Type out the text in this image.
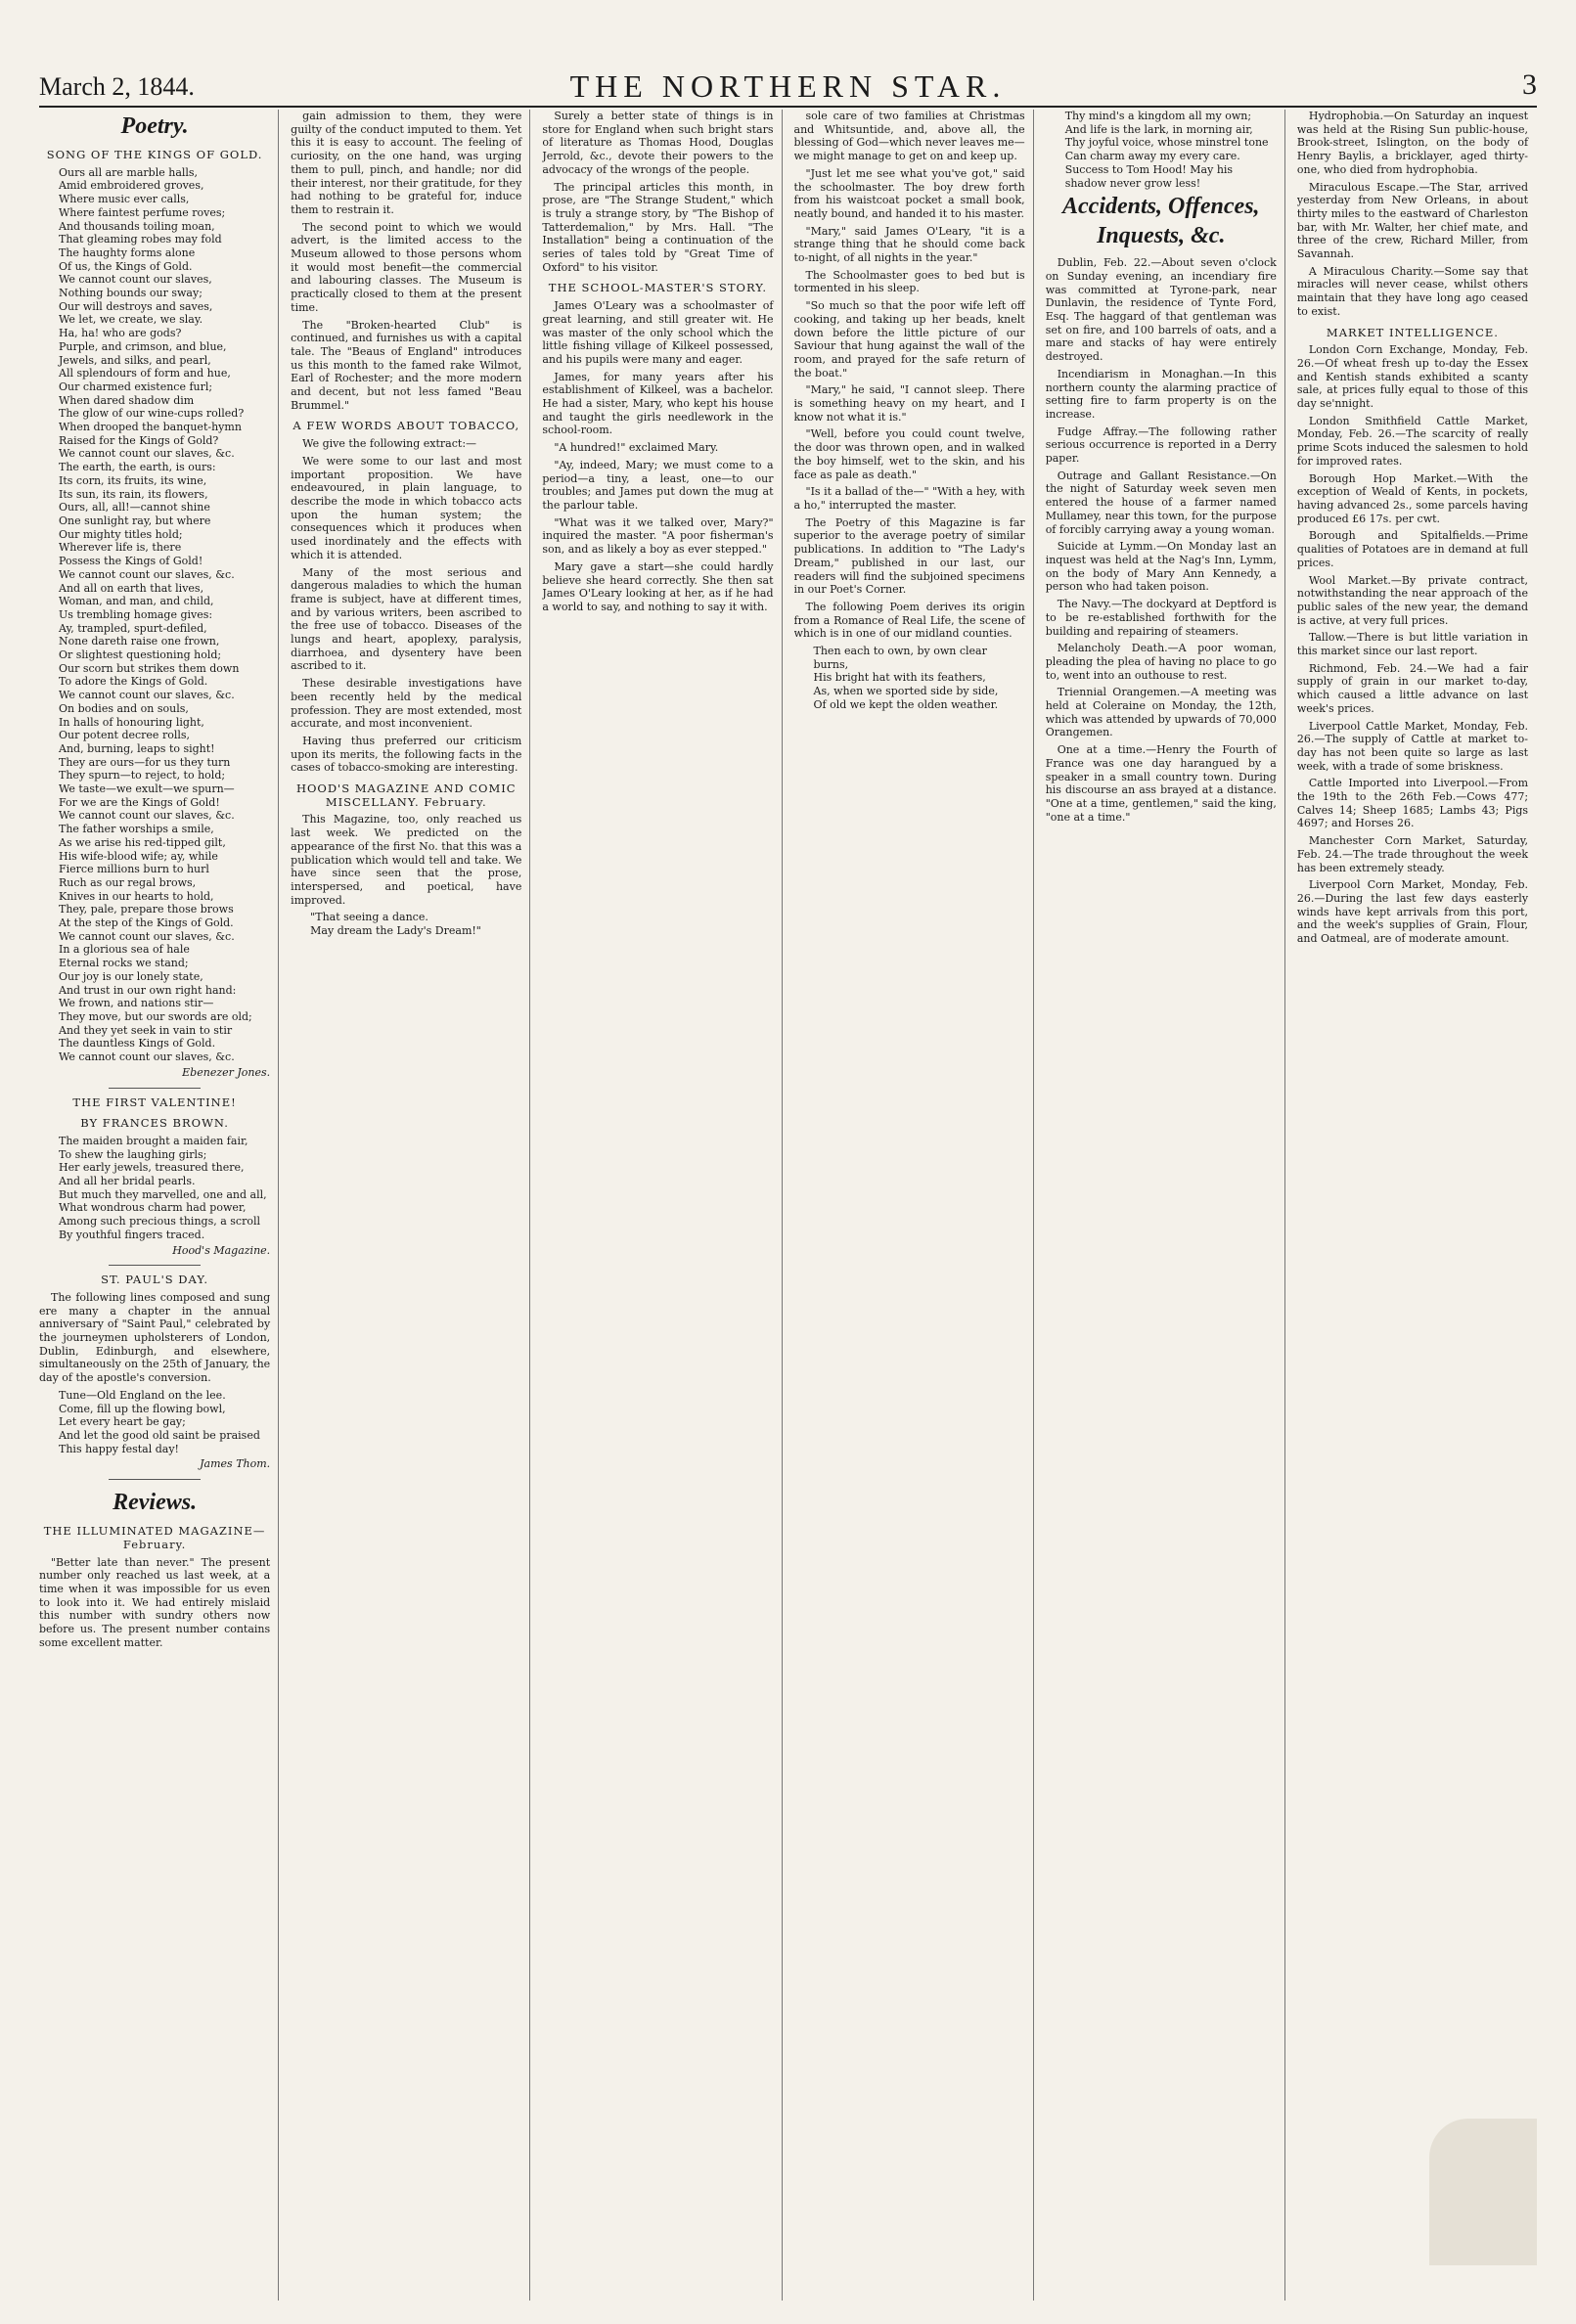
March 2, 1844.	THE NORTHERN STAR.	3
Poetry.
SONG OF THE KINGS OF GOLD.
Ours all are marble halls,
Amid embroidered groves,
Where music ever calls,
Where faintest perfume roves;
And thousands toiling moan,
That gleaming robes may fold
The haughty forms alone
Of us, the Kings of Gold.
We cannot count our slaves,
Nothing bounds our sway;
Our will destroys and saves,
We let, we create, we slay.
Ha, ha! who are gods?
Purple, and crimson, and blue,
Jewels, and silks, and pearl,
All splendours of form and hue,
Our charmed existence furl;
When dared shadow dim
The glow of our wine-cups rolled?
When drooped the banquet-hymn
Raised for the Kings of Gold?
We cannot count our slaves, &c.
The earth, the earth, is ours:
Its corn, its fruits, its wine,
Its sun, its rain, its flowers,
Ours, all, all!—cannot shine
One sunlight ray, but where
Our mighty titles hold;
Wherever life is, there
Possess the Kings of Gold!
We cannot count our slaves, &c.
And all on earth that lives,
Woman, and man, and child,
Us trembling homage gives:
Ay, trampled, spurt-defiled,
None dareth raise one frown,
Or slightest questioning hold;
Our scorn but strikes them down
To adore the Kings of Gold.
We cannot count our slaves, &c.
On bodies and on souls,
In halls of honouring light,
Our potent decree rolls,
And, burning, leaps to sight!
They are ours—for us they turn
They spurn—to reject, to hold;
We taste—we exult—we spurn—
For we are the Kings of Gold!
We cannot count our slaves, &c.
The father worships a smile,
As we arise his red-tipped gilt,
His wife-blood wife; ay, while
Fierce millions burn to hurl
Ruch as our regal brows,
Knives in our hearts to hold,
They, pale, prepare those brows
At the step of the Kings of Gold.
We cannot count our slaves, &c.
In a glorious sea of hale
Eternal rocks we stand;
Our joy is our lonely state,
And trust in our own right hand:
We frown, and nations stir—
They move, but our swords are old;
And they yet seek in vain to stir
The dauntless Kings of Gold.
We cannot count our slaves, &c.
Ebenezer Jones.
THE FIRST VALENTINE!
BY FRANCES BROWN.
The maiden brought a maiden fair,
To shew the laughing girls;
Her early jewels, treasured there,
And all her bridal pearls.
But much they marvelled, one and all,
What wondrous charm had power,
Among such precious things, a scroll
By youthful fingers traced.
Hood's Magazine.
ST. PAUL'S DAY.
The following lines composed and sung ere many a chapter in the annual anniversary of "Saint Paul," celebrated by the journeymen upholsterers of London, Dublin, Edinburgh, and elsewhere, simultaneously on the 25th of January, the day of the apostle's conversion.
Tune—Old England on the lee.
Come, fill up the flowing bowl,
Let every heart be gay;
And let the good old saint be praised
This happy festal day!
James Thom.
Reviews.
THE ILLUMINATED MAGAZINE—February.
"Better late than never." The present number only reached us last week, at a time when it was impossible for us even to look into it. We had entirely mislaid this number with sundry others now before us. The present number contains some excellent matter.
gain admission to them, they were guilty of the conduct imputed to them. Yet this it is easy to account. The feeling of curiosity, on the one hand, was urging them to pull, pinch, and handle; nor did their interest, nor their gratitude, for they had nothing to be grateful for, induce them to restrain it.
The second point to which we would advert, is the limited access to the Museum allowed to those persons whom it would most benefit—the commercial and labouring classes. The Museum is practically closed to them at the present time.
The "Broken-hearted Club" is continued, and furnishes us with a capital tale. The "Beaus of England" introduces us this month to the famed rake Wilmot, Earl of Rochester; and the more modern and decent, but not less famed "Beau Brummel."
A FEW WORDS ABOUT TOBACCO,
We give the following extract:—
We were some to our last and most important proposition. We have endeavoured, in plain language, to describe the mode in which tobacco acts upon the human system; the consequences which it produces when used inordinately and the effects with which it is attended.
Many of the most serious and dangerous maladies to which the human frame is subject, have at different times, and by various writers, been ascribed to the free use of tobacco. Diseases of the lungs and heart, apoplexy, paralysis, diarrhoea, and dysentery have been ascribed to it.
These desirable investigations have been recently held by the medical profession. They are most extended, most accurate, and most inconvenient.
Having thus preferred our criticism upon its merits, the following facts in the cases of tobacco-smoking are interesting.
HOOD'S MAGAZINE AND COMIC MISCELLANY. February.
This Magazine, too, only reached us last week. We predicted on the appearance of the first No. that this was a publication which would tell and take. We have since seen that the prose, interspersed, and poetical, have improved.
"That seeing a dance.
May dream the Lady's Dream!"
Surely a better state of things is in store for England when such bright stars of literature as Thomas Hood, Douglas Jerrold, &c., devote their powers to the advocacy of the wrongs of the people.
The principal articles this month, in prose, are "The Strange Student," which is truly a strange story, by "The Bishop of Tatterdemalion," by Mrs. Hall. "The Installation" being a continuation of the series of tales told by "Great Time of Oxford" to his visitor.
THE SCHOOL-MASTER'S STORY.
James O'Leary was a schoolmaster of great learning, and still greater wit. He was master of the only school which the little fishing village of Kilkeel possessed, and his pupils were many and eager.
James, for many years after his establishment of Kilkeel, was a bachelor. He had a sister, Mary, who kept his house and taught the girls needlework in the school-room.
"A hundred!" exclaimed Mary.
"Ay, indeed, Mary; we must come to a period—a tiny, a least, one—to our troubles; and James put down the mug at the parlour table.
"What was it we talked over, Mary?" inquired the master. "A poor fisherman's son, and as likely a boy as ever stepped."
Mary gave a start—she could hardly believe she heard correctly. She then sat James O'Leary looking at her, as if he had a world to say, and nothing to say it with.
sole care of two families at Christmas and Whitsuntide, and, above all, the blessing of God—which never leaves me—we might manage to get on and keep up.
"Just let me see what you've got," said the schoolmaster. The boy drew forth from his waistcoat pocket a small book, neatly bound, and handed it to his master.
"Mary," said James O'Leary, "it is a strange thing that he should come back to-night, of all nights in the year."
The Schoolmaster goes to bed but is tormented in his sleep.
"So much so that the poor wife left off cooking, and taking up her beads, knelt down before the little picture of our Saviour that hung against the wall of the room, and prayed for the safe return of the boat."
"Mary," he said, "I cannot sleep. There is something heavy on my heart, and I know not what it is."
"Well, before you could count twelve, the door was thrown open, and in walked the boy himself, wet to the skin, and his face as pale as death."
"Is it a ballad of the—" "With a hey, with a ho," interrupted the master.
The Poetry of this Magazine is far superior to the average poetry of similar publications. In addition to "The Lady's Dream," published in our last, our readers will find the subjoined specimens in our Poet's Corner.
The following Poem derives its origin from a Romance of Real Life, the scene of which is in one of our midland counties.
Then each to own, by own clear burns,
His bright hat with its feathers,
As, when we sported side by side,
Of old we kept the olden weather.
Thy mind's a kingdom all my own;
And life is the lark, in morning air,
Thy joyful voice, whose minstrel tone
Can charm away my every care.
Success to Tom Hood! May his shadow never grow less!
Accidents, Offences, Inquests, &c.
Dublin, Feb. 22.—About seven o'clock on Sunday evening, an incendiary fire was committed at Tyrone-park, near Dunlavin, the residence of Tynte Ford, Esq. The haggard of that gentleman was set on fire, and 100 barrels of oats, and a mare and stacks of hay were entirely destroyed.
Incendiarism in Monaghan.—In this northern county the alarming practice of setting fire to farm property is on the increase.
Fudge Affray.—The following rather serious occurrence is reported in a Derry paper.
Outrage and Gallant Resistance.—On the night of Saturday week seven men entered the house of a farmer named Mullamey, near this town, for the purpose of forcibly carrying away a young woman.
Suicide at Lymm.—On Monday last an inquest was held at the Nag's Inn, Lymm, on the body of Mary Ann Kennedy, a person who had taken poison.
The Navy.—The dockyard at Deptford is to be re-established forthwith for the building and repairing of steamers.
Melancholy Death.—A poor woman, pleading the plea of having no place to go to, went into an outhouse to rest.
Triennial Orangemen.—A meeting was held at Coleraine on Monday, the 12th, which was attended by upwards of 70,000 Orangemen.
One at a time.—Henry the Fourth of France was one day harangued by a speaker in a small country town. During his discourse an ass brayed at a distance. "One at a time, gentlemen," said the king, "one at a time."
Hydrophobia.—On Saturday an inquest was held at the Rising Sun public-house, Brook-street, Islington, on the body of Henry Baylis, a bricklayer, aged thirty-one, who died from hydrophobia.
Miraculous Escape.—The Star, arrived yesterday from New Orleans, in about thirty miles to the eastward of Charleston bar, with Mr. Walter, her chief mate, and three of the crew, Richard Miller, from Savannah.
A Miraculous Charity.—Some say that miracles will never cease, whilst others maintain that they have long ago ceased to exist.
MARKET INTELLIGENCE.
London Corn Exchange, Monday, Feb. 26.—Of wheat fresh up to-day the Essex and Kentish stands exhibited a scanty sale, at prices fully equal to those of this day se'nnight.
London Smithfield Cattle Market, Monday, Feb. 26.—The scarcity of really prime Scots induced the salesmen to hold for improved rates.
Borough Hop Market.—With the exception of Weald of Kents, in pockets, having advanced 2s., some parcels having produced £6 17s. per cwt.
Borough and Spitalfields.—Prime qualities of Potatoes are in demand at full prices.
Wool Market.—By private contract, notwithstanding the near approach of the public sales of the new year, the demand is active, at very full prices.
Tallow.—There is but little variation in this market since our last report.
Richmond, Feb. 24.—We had a fair supply of grain in our market to-day, which caused a little advance on last week's prices.
Liverpool Cattle Market, Monday, Feb. 26.—The supply of Cattle at market to-day has not been quite so large as last week, with a trade of some briskness.
Cattle Imported into Liverpool.—From the 19th to the 26th Feb.—Cows 477; Calves 14; Sheep 1685; Lambs 43; Pigs 4697; and Horses 26.
Manchester Corn Market, Saturday, Feb. 24.—The trade throughout the week has been extremely steady.
Liverpool Corn Market, Monday, Feb. 26.—During the last few days easterly winds have kept arrivals from this port, and the week's supplies of Grain, Flour, and Oatmeal, are of moderate amount.
